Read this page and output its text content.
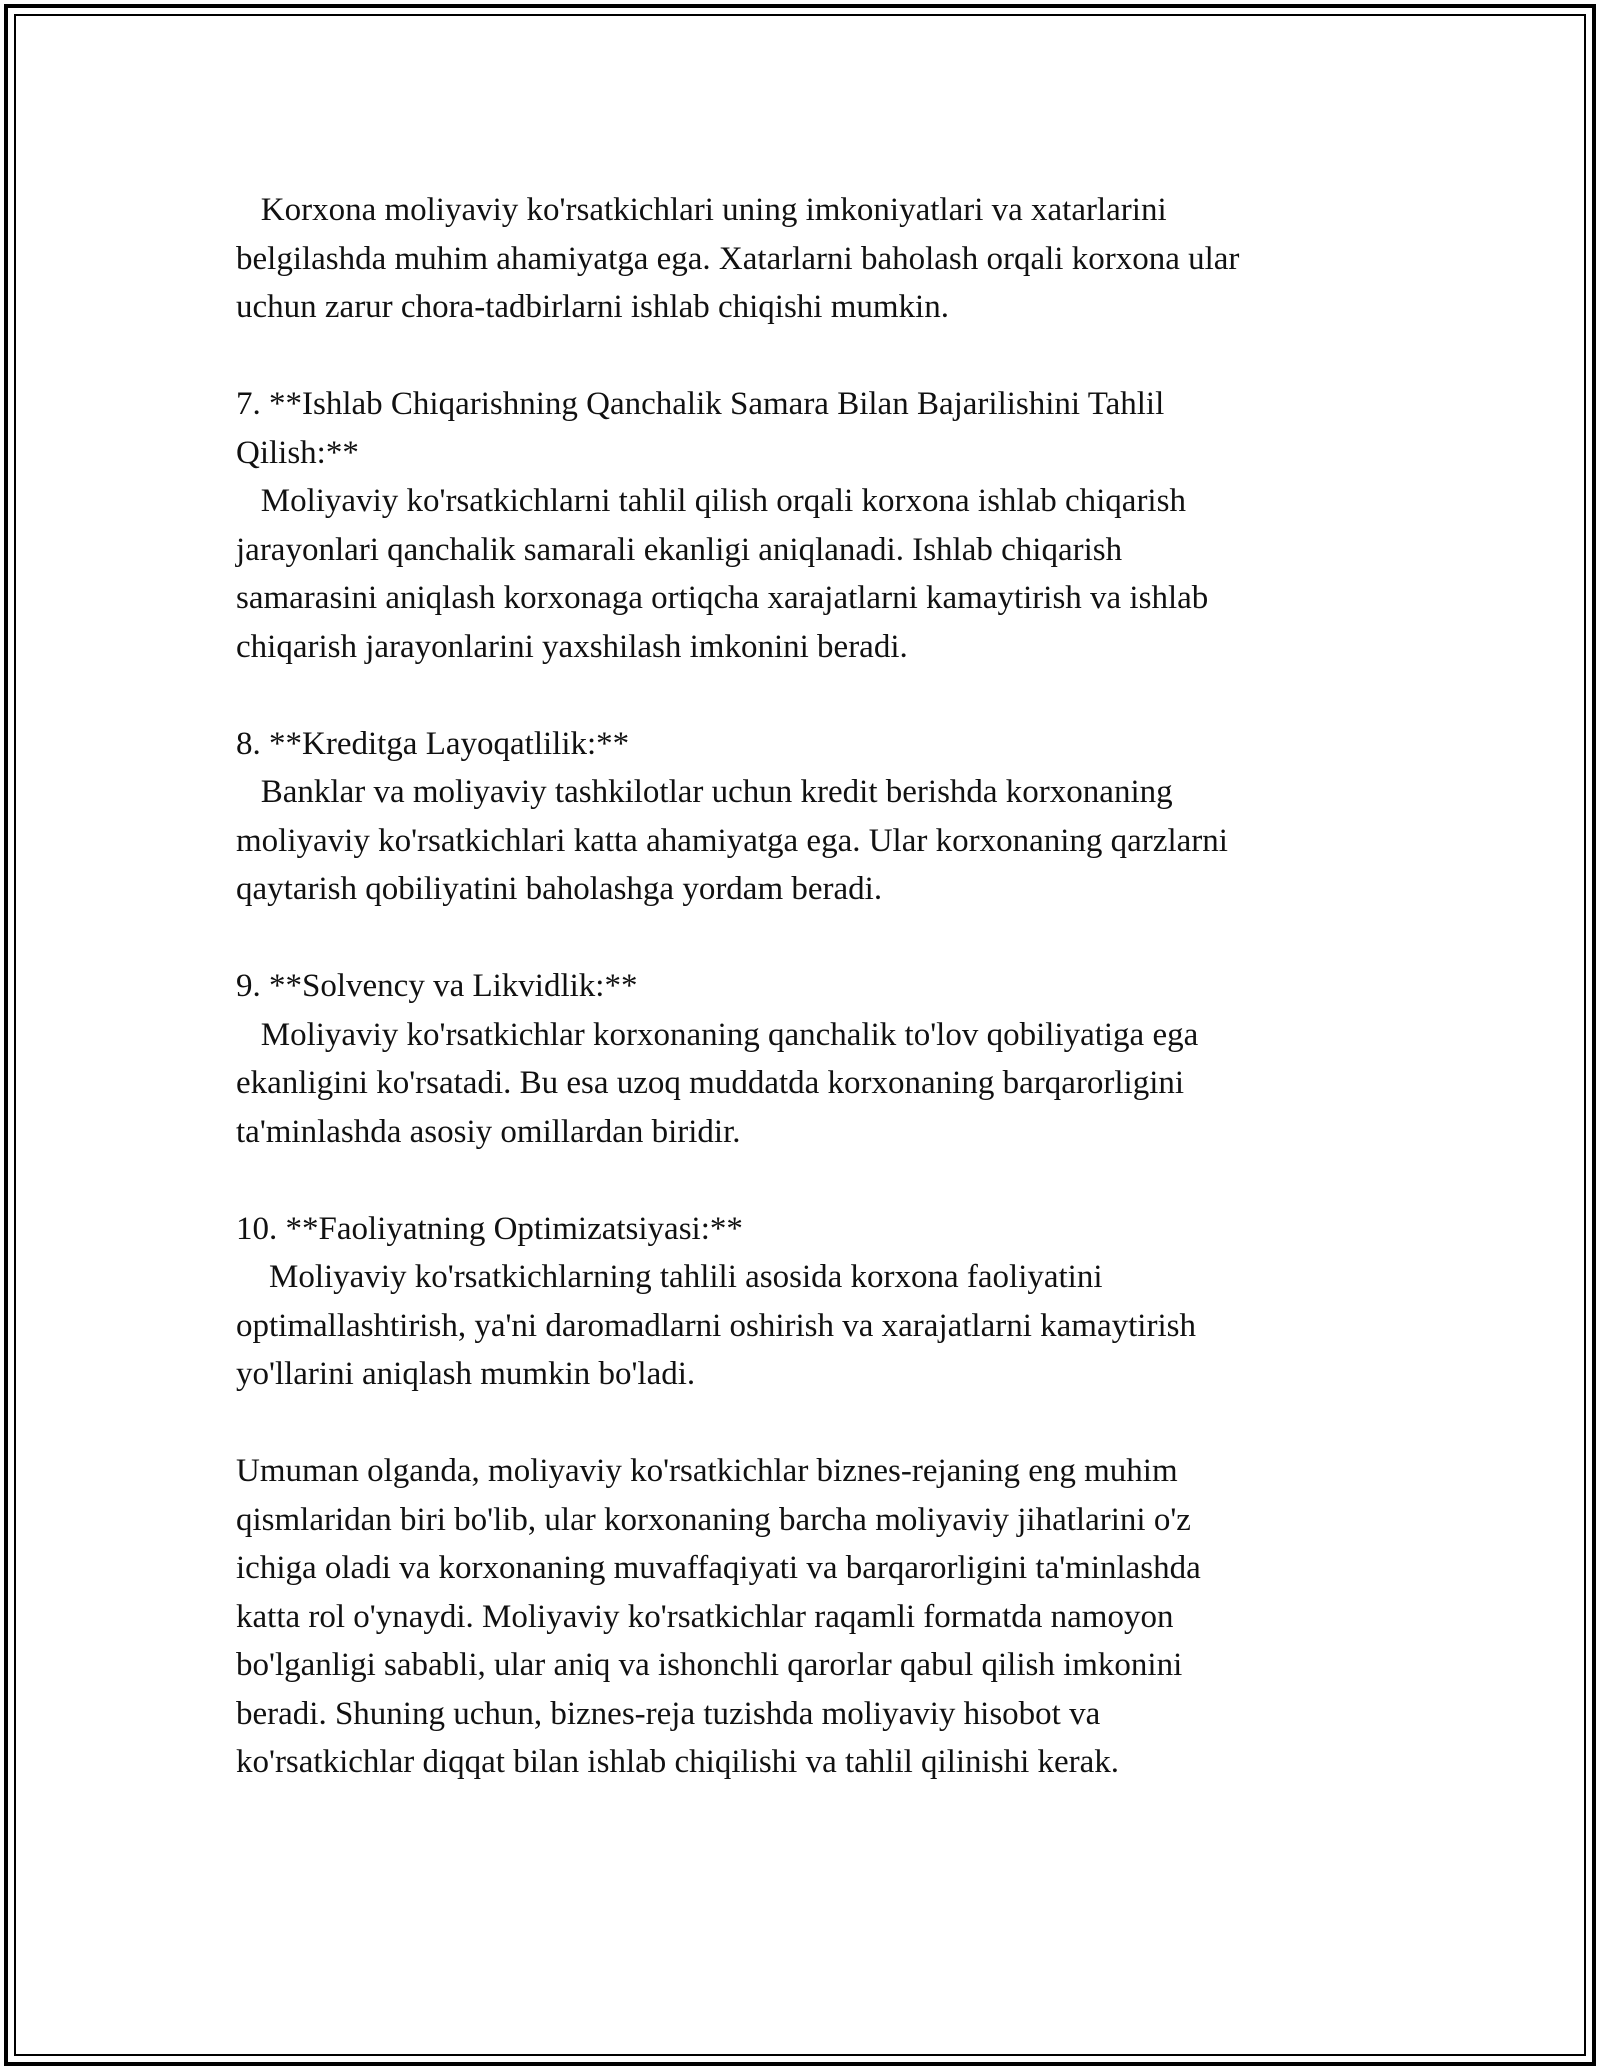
Korxona moliyaviy ko'rsatkichlari uning imkoniyatlari va xatarlarini
belgilashda muhim ahamiyatga ega. Xatarlarni baholash orqali korxona ular
uchun zarur chora-tadbirlarni ishlab chiqishi mumkin.
7. **Ishlab Chiqarishning Qanchalik Samara Bilan Bajarilishini Tahlil
Qilish:**
Moliyaviy ko'rsatkichlarni tahlil qilish orqali korxona ishlab chiqarish
jarayonlari qanchalik samarali ekanligi aniqlanadi. Ishlab chiqarish
samarasini aniqlash korxonaga ortiqcha xarajatlarni kamaytirish va ishlab
chiqarish jarayonlarini yaxshilash imkonini beradi.
8. **Kreditga Layoqatlilik:**
Banklar va moliyaviy tashkilotlar uchun kredit berishda korxonaning
moliyaviy ko'rsatkichlari katta ahamiyatga ega. Ular korxonaning qarzlarni
qaytarish qobiliyatini baholashga yordam beradi.
9. **Solvency va Likvidlik:**
Moliyaviy ko'rsatkichlar korxonaning qanchalik to'lov qobiliyatiga ega
ekanligini ko'rsatadi. Bu esa uzoq muddatda korxonaning barqarorligini
ta'minlashda asosiy omillardan biridir.
10. **Faoliyatning Optimizatsiyasi:**
Moliyaviy ko'rsatkichlarning tahlili asosida korxona faoliyatini
optimallashtirish, ya'ni daromadlarni oshirish va xarajatlarni kamaytirish
yo'llarini aniqlash mumkin bo'ladi.
Umuman olganda, moliyaviy ko'rsatkichlar biznes-rejaning eng muhim
qismlaridan biri bo'lib, ular korxonaning barcha moliyaviy jihatlarini o'z
ichiga oladi va korxonaning muvaffaqiyati va barqarorligini ta'minlashda
katta rol o'ynaydi. Moliyaviy ko'rsatkichlar raqamli formatda namoyon
bo'lganligi sababli, ular aniq va ishonchli qarorlar qabul qilish imkonini
beradi. Shuning uchun, biznes-reja tuzishda moliyaviy hisobot va
ko'rsatkichlar diqqat bilan ishlab chiqilishi va tahlil qilinishi kerak.
